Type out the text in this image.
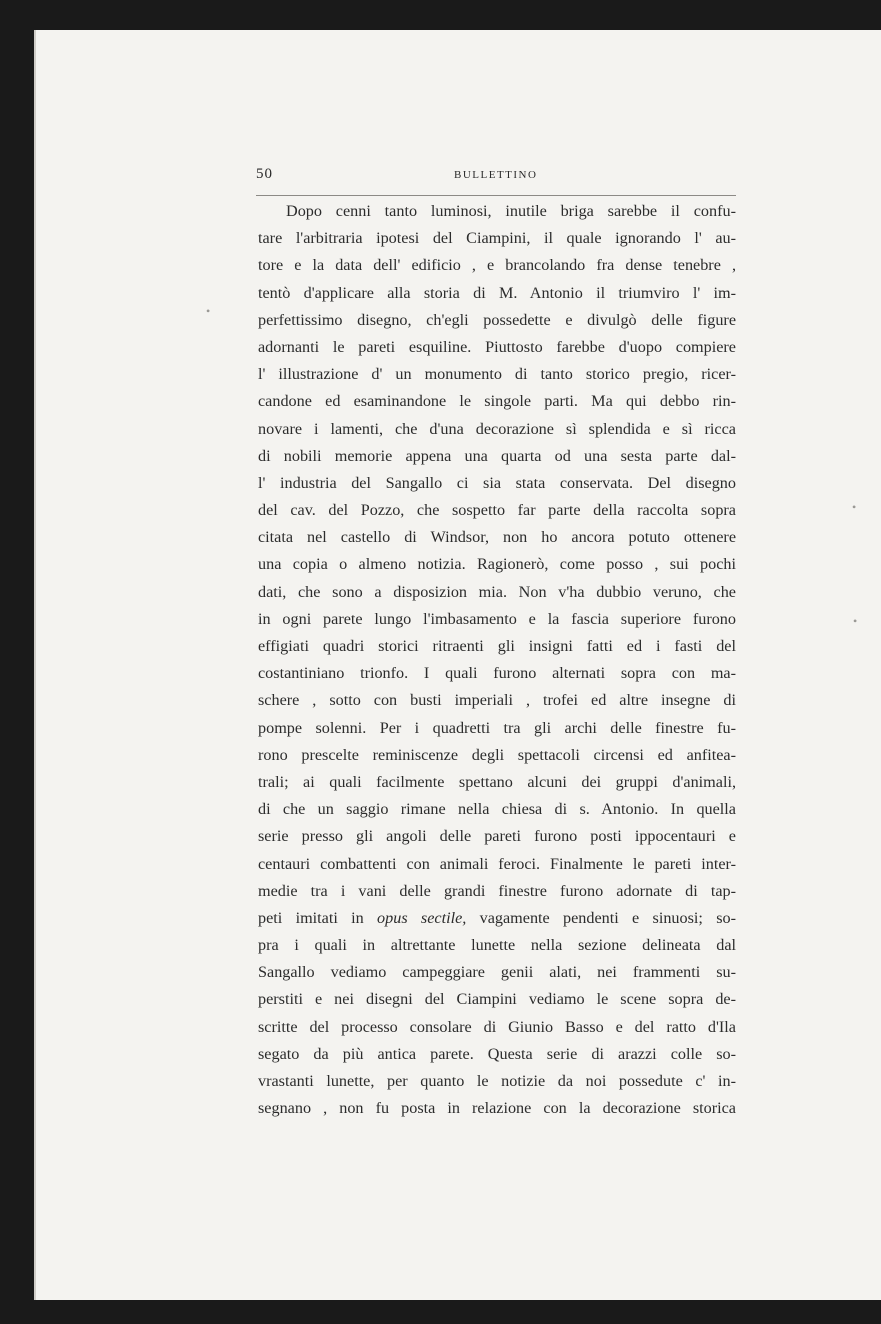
50	BULLETTINO
Dopo cenni tanto luminosi, inutile briga sarebbe il confu-
tare l'arbitraria ipotesi del Ciampini, il quale ignorando l' au-
tore e la data dell' edificio , e brancolando fra dense tenebre ,
tentò d'applicare alla storia di M. Antonio il triumviro l' im-
perfettissimo disegno, ch'egli possedette e divulgò delle figure
adornanti le pareti esquiline. Piuttosto farebbe d'uopo compiere
l' illustrazione d' un monumento di tanto storico pregio, ricer-
candone ed esaminandone le singole parti. Ma qui debbo rin-
novare i lamenti, che d'una decorazione sì splendida e sì ricca
di nobili memorie appena una quarta od una sesta parte dal-
l' industria del Sangallo ci sia stata conservata. Del disegno
del cav. del Pozzo, che sospetto far parte della raccolta sopra
citata nel castello di Windsor, non ho ancora potuto ottenere
una copia o almeno notizia. Ragionerò, come posso , sui pochi
dati, che sono a disposizion mia. Non v'ha dubbio veruno, che
in ogni parete lungo l'imbasamento e la fascia superiore furono
effigiati quadri storici ritraenti gli insigni fatti ed i fasti del
costantiniano trionfo. I quali furono alternati sopra con ma-
schere , sotto con busti imperiali , trofei ed altre insegne di
pompe solenni. Per i quadretti tra gli archi delle finestre fu-
rono prescelte reminiscenze degli spettacoli circensi ed anfitea-
trali; ai quali facilmente spettano alcuni dei gruppi d'animali,
di che un saggio rimane nella chiesa di s. Antonio. In quella
serie presso gli angoli delle pareti furono posti ippocentauri e
centauri combattenti con animali feroci. Finalmente le pareti inter-
medie tra i vani delle grandi finestre furono adornate di tap-
peti imitati in opus sectile, vagamente pendenti e sinuosi; so-
pra i quali in altrettante lunette nella sezione delineata dal
Sangallo vediamo campeggiare genii alati, nei frammenti su-
perstiti e nei disegni del Ciampini vediamo le scene sopra de-
scritte del processo consolare di Giunio Basso e del ratto d'Ila
segato da più antica parete. Questa serie di arazzi colle so-
vrastanti lunette, per quanto le notizie da noi possedute c' in-
segnano , non fu posta in relazione con la decorazione storica
•
•
•
